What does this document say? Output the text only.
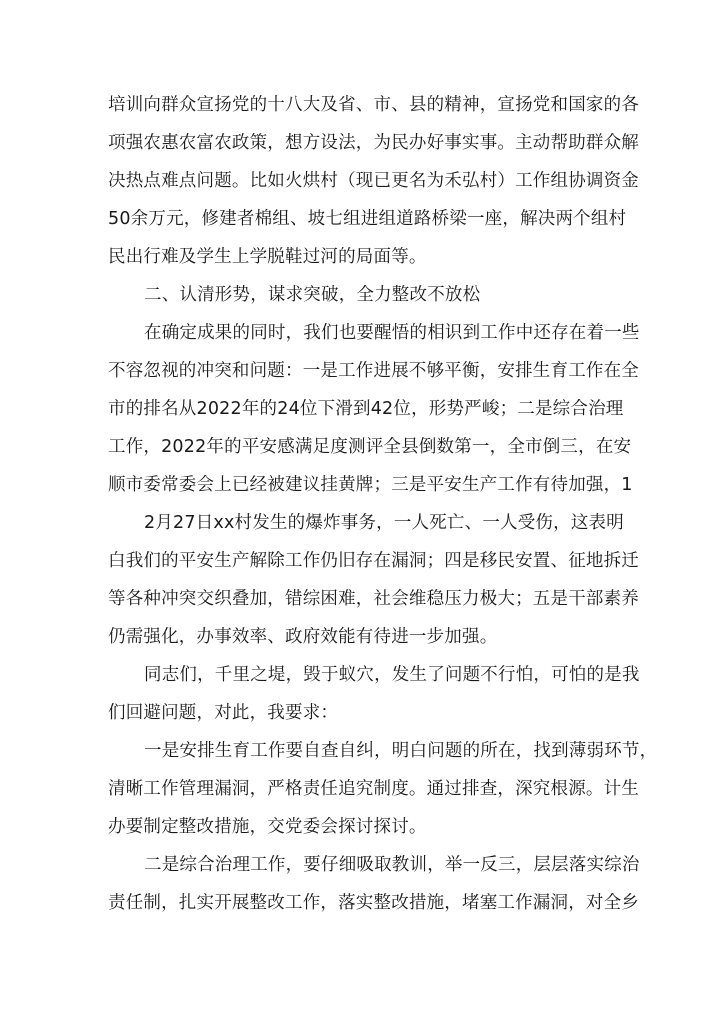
培训向群众宣扬党的十八大及省、市、县的精神，宣扬党和国家的各
项强农惠农富农政策，想方设法，为民办好事实事。主动帮助群众解
决热点难点问题。比如火烘村（现已更名为禾弘村）工作组协调资金
50余万元，修建者棉组、坡七组进组道路桥梁一座，解决两个组村
民出行难及学生上学脱鞋过河的局面等。
二、认清形势，谋求突破，全力整改不放松
在确定成果的同时，我们也要醒悟的相识到工作中还存在着一些
不容忽视的冲突和问题：一是工作进展不够平衡，安排生育工作在全
市的排名从2022年的24位下滑到42位，形势严峻；二是综合治理
工作，2022年的平安感满足度测评全县倒数第一，全市倒三，在安
顺市委常委会上已经被建议挂黄牌；三是平安生产工作有待加强，1
2月27日xx村发生的爆炸事务，一人死亡、一人受伤，这表明
白我们的平安生产解除工作仍旧存在漏洞；四是移民安置、征地拆迁
等各种冲突交织叠加，错综困难，社会维稳压力极大；五是干部素养
仍需强化，办事效率、政府效能有待进一步加强。
同志们，千里之堤，毁于蚁穴，发生了问题不行怕，可怕的是我
们回避问题，对此，我要求：
一是安排生育工作要自查自纠，明白问题的所在，找到薄弱环节，
清晰工作管理漏洞，严格责任追究制度。通过排查，深究根源。计生
办要制定整改措施，交党委会探讨探讨。
二是综合治理工作，要仔细吸取教训，举一反三，层层落实综治
责任制，扎实开展整改工作，落实整改措施，堵塞工作漏洞，对全乡
